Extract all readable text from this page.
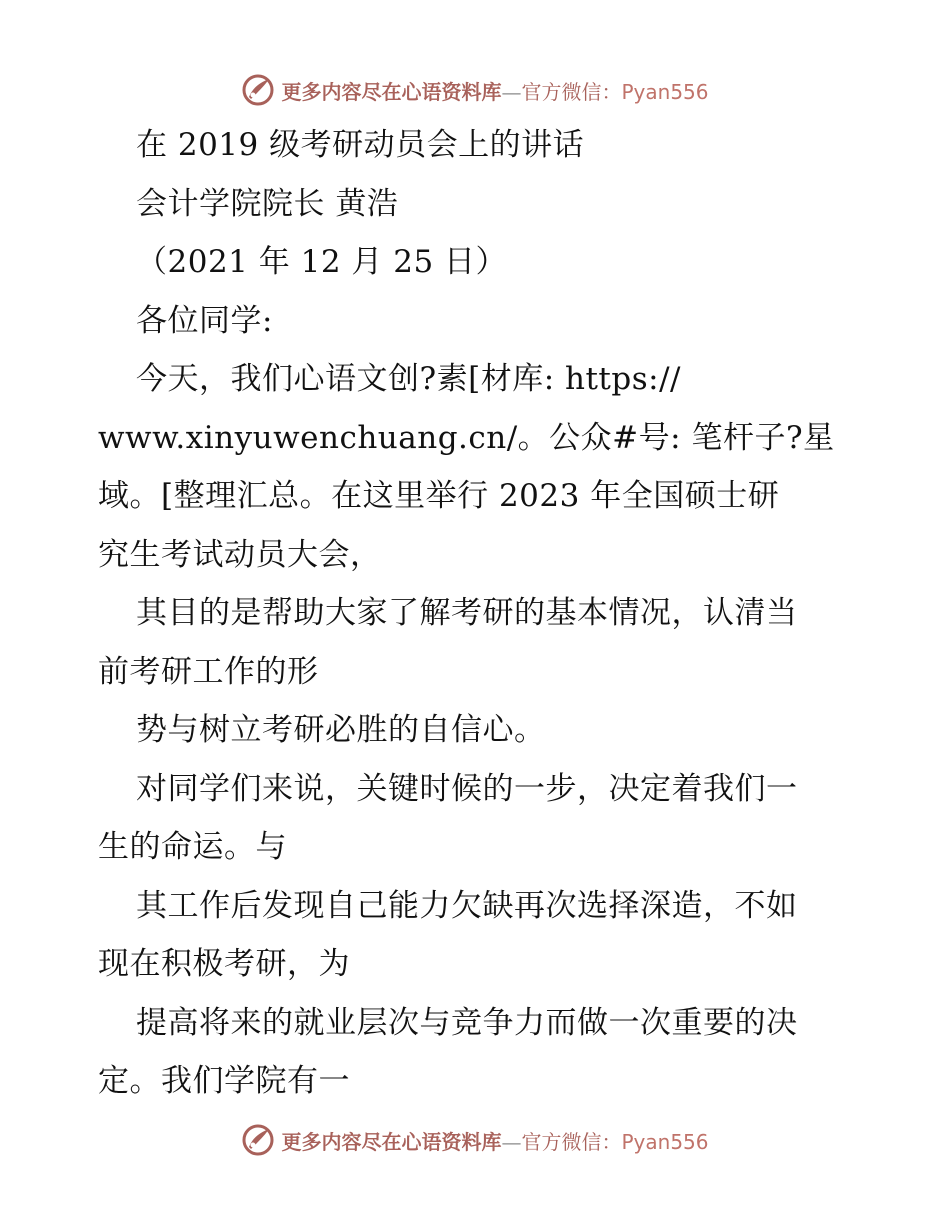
更多内容尽在心语资料库—官方微信：Pyan556
在 2019 级考研动员会上的讲话
会计学院院长 黄浩
（2021 年 12 月 25 日）
各位同学:
今天，我们心语文创?素[材库: https://
www.xinyuwenchuang.cn/。公众#号: 笔杆子?星
域。[整理汇总。在这里举行 2023 年全国硕士研
究生考试动员大会，
其目的是帮助大家了解考研的基本情况，认清当
前考研工作的形
势与树立考研必胜的自信心。
对同学们来说，关键时候的一步，决定着我们一
生的命运。与
其工作后发现自己能力欠缺再次选择深造，不如
现在积极考研，为
提高将来的就业层次与竞争力而做一次重要的决
定。我们学院有一
更多内容尽在心语资料库—官方微信：Pyan556
